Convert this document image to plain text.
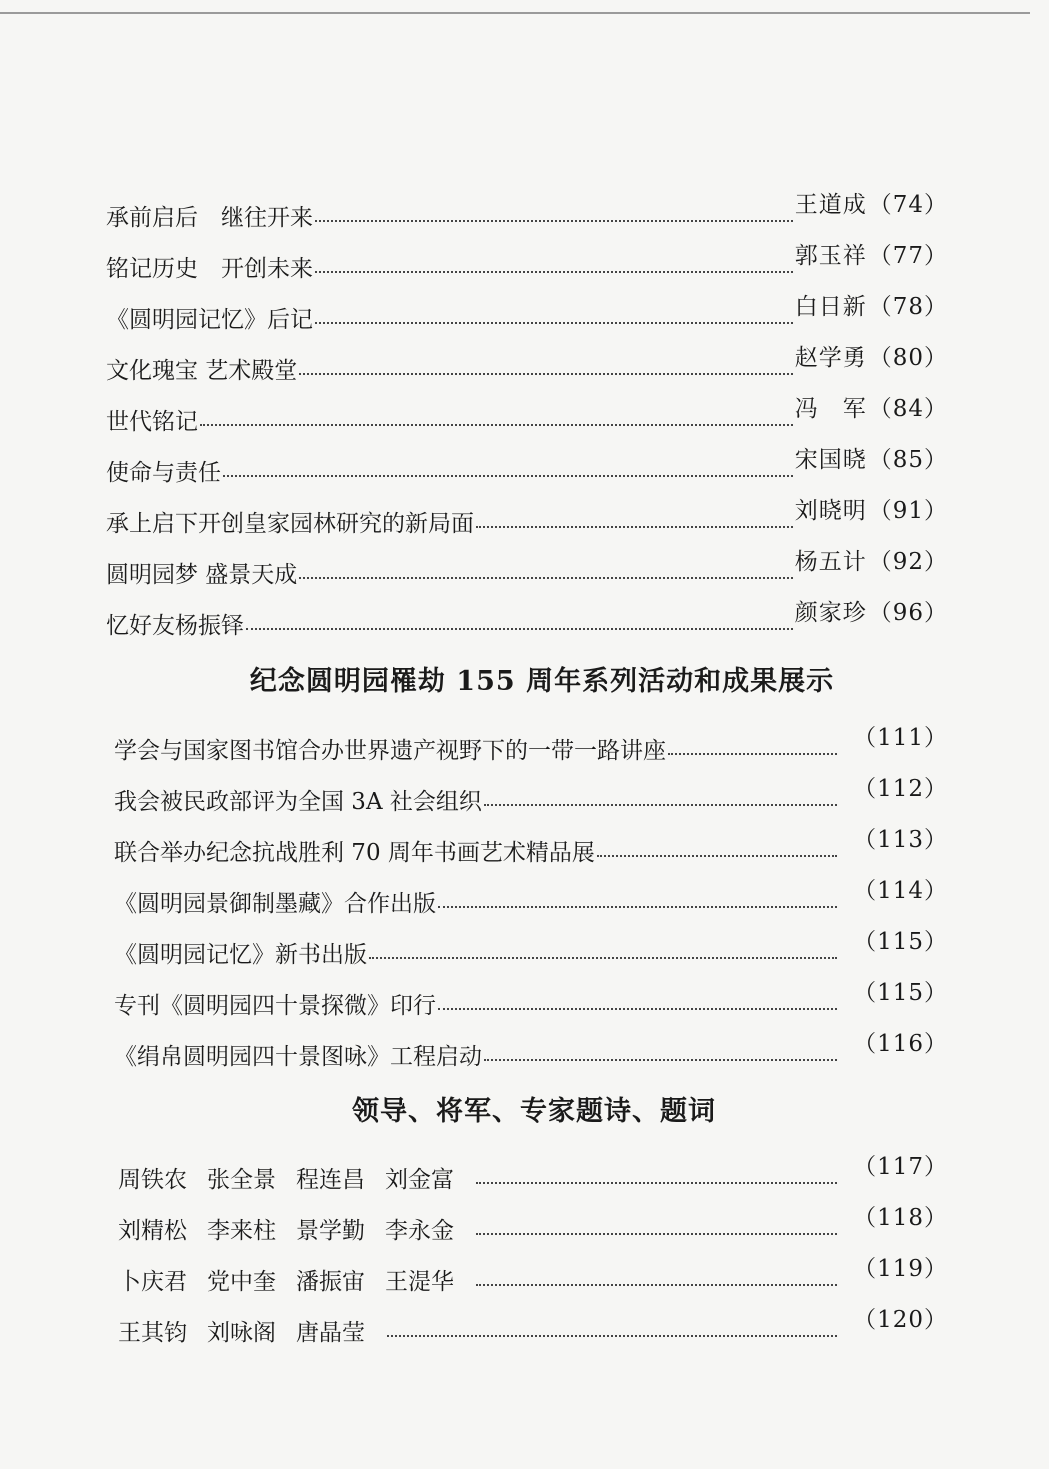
承前启后　继往开来	王道成（74）
铭记历史　开创未来	郭玉祥（77）
《圆明园记忆》后记	白日新（78）
文化瑰宝 艺术殿堂	赵学勇（80）
世代铭记	冯　军（84）
使命与责任	宋国晓（85）
承上启下开创皇家园林研究的新局面	刘晓明（91）
圆明园梦 盛景天成	杨五计（92）
忆好友杨振铎	颜家珍（96）
纪念圆明园罹劫 155 周年系列活动和成果展示
学会与国家图书馆合办世界遗产视野下的一带一路讲座	（111）
我会被民政部评为全国 3A 社会组织	（112）
联合举办纪念抗战胜利 70 周年书画艺术精品展	（113）
《圆明园景御制墨藏》合作出版	（114）
《圆明园记忆》新书出版	（115）
专刊《圆明园四十景探微》印行	（115）
《绢帛圆明园四十景图咏》工程启动	（116）
领导、将军、专家题诗、题词
周铁农 张全景 程连昌 刘金富	（117）
刘精松 李来柱 景学勤 李永金	（118）
卜庆君 党中奎 潘振宙 王湜华	（119）
王其钧 刘咏阁 唐晶莹	（120）
